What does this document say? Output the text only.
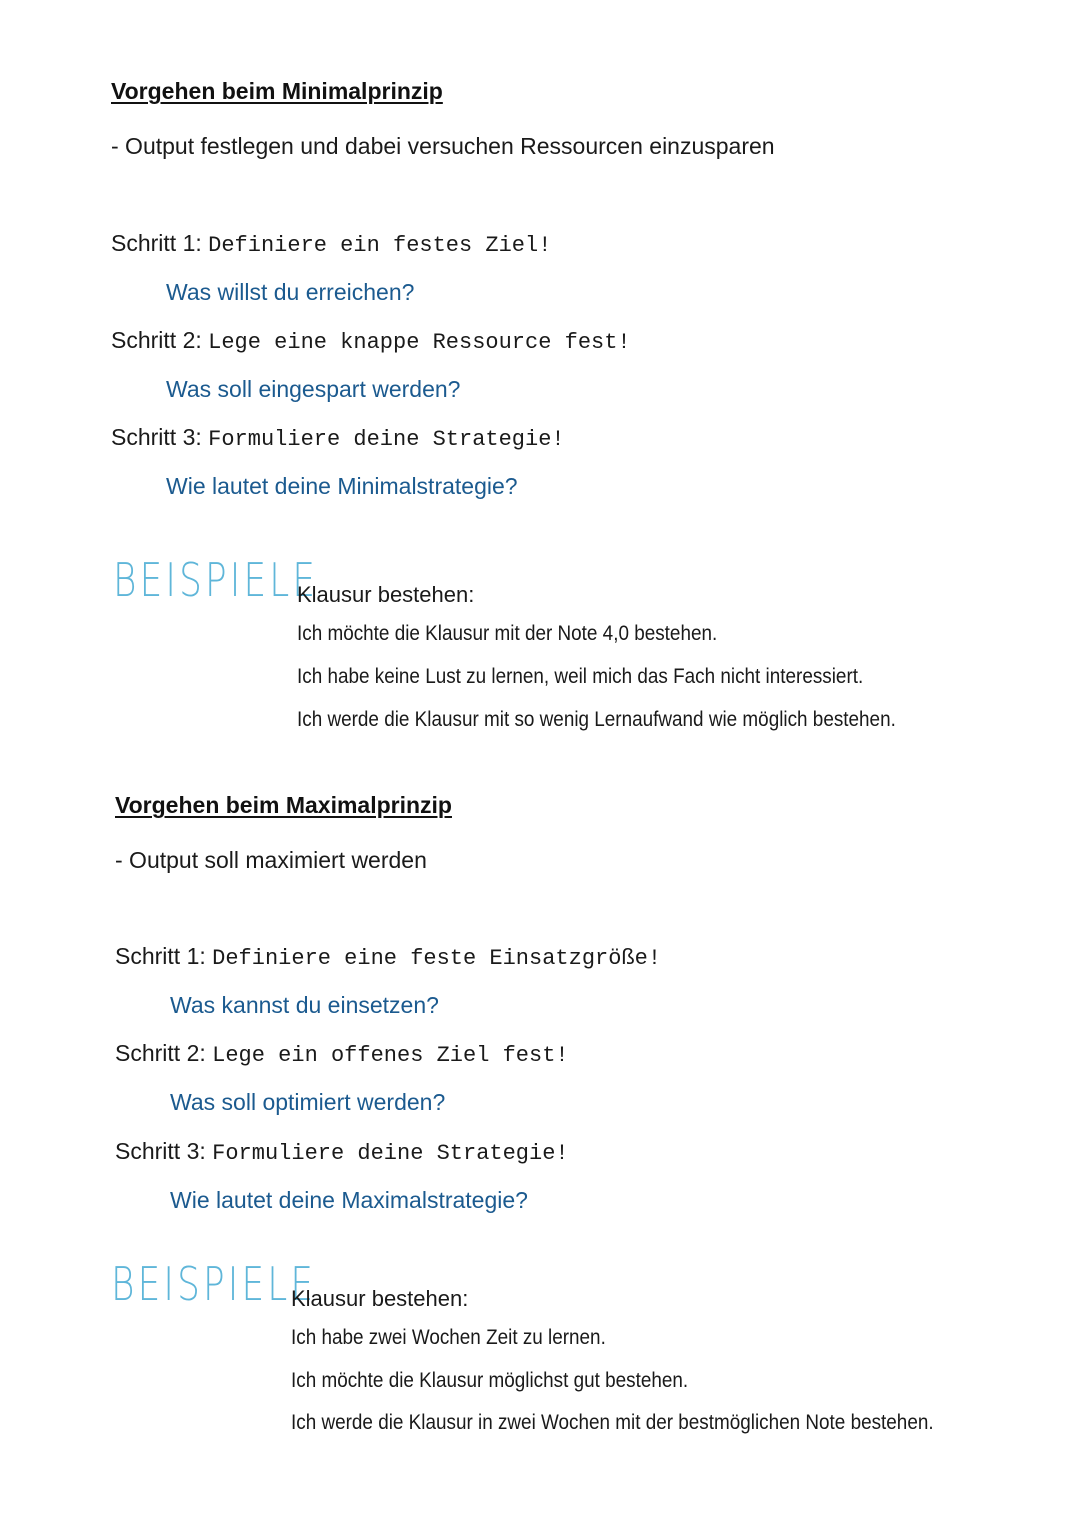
Vorgehen beim Minimalprinzip
- Output festlegen und dabei versuchen Ressourcen einzusparen
Schritt 1: Definiere ein festes Ziel!
Was willst du erreichen?
Schritt 2: Lege eine knappe Ressource fest!
Was soll eingespart werden?
Schritt 3: Formuliere deine Strategie!
Wie lautet deine Minimalstrategie?
BEISPIELE
Klausur bestehen:
Ich möchte die Klausur mit der Note 4,0 bestehen.
Ich habe keine Lust zu lernen, weil mich das Fach nicht interessiert.
Ich werde die Klausur mit so wenig Lernaufwand wie möglich bestehen.
Vorgehen beim Maximalprinzip
- Output soll maximiert werden
Schritt 1: Definiere eine feste Einsatzgröße!
Was kannst du einsetzen?
Schritt 2: Lege ein offenes Ziel fest!
Was soll optimiert werden?
Schritt 3: Formuliere deine Strategie!
Wie lautet deine Maximalstrategie?
BEISPIELE
Klausur bestehen:
Ich habe zwei Wochen Zeit zu lernen.
Ich möchte die Klausur möglichst gut bestehen.
Ich werde die Klausur in zwei Wochen mit der bestmöglichen Note bestehen.
